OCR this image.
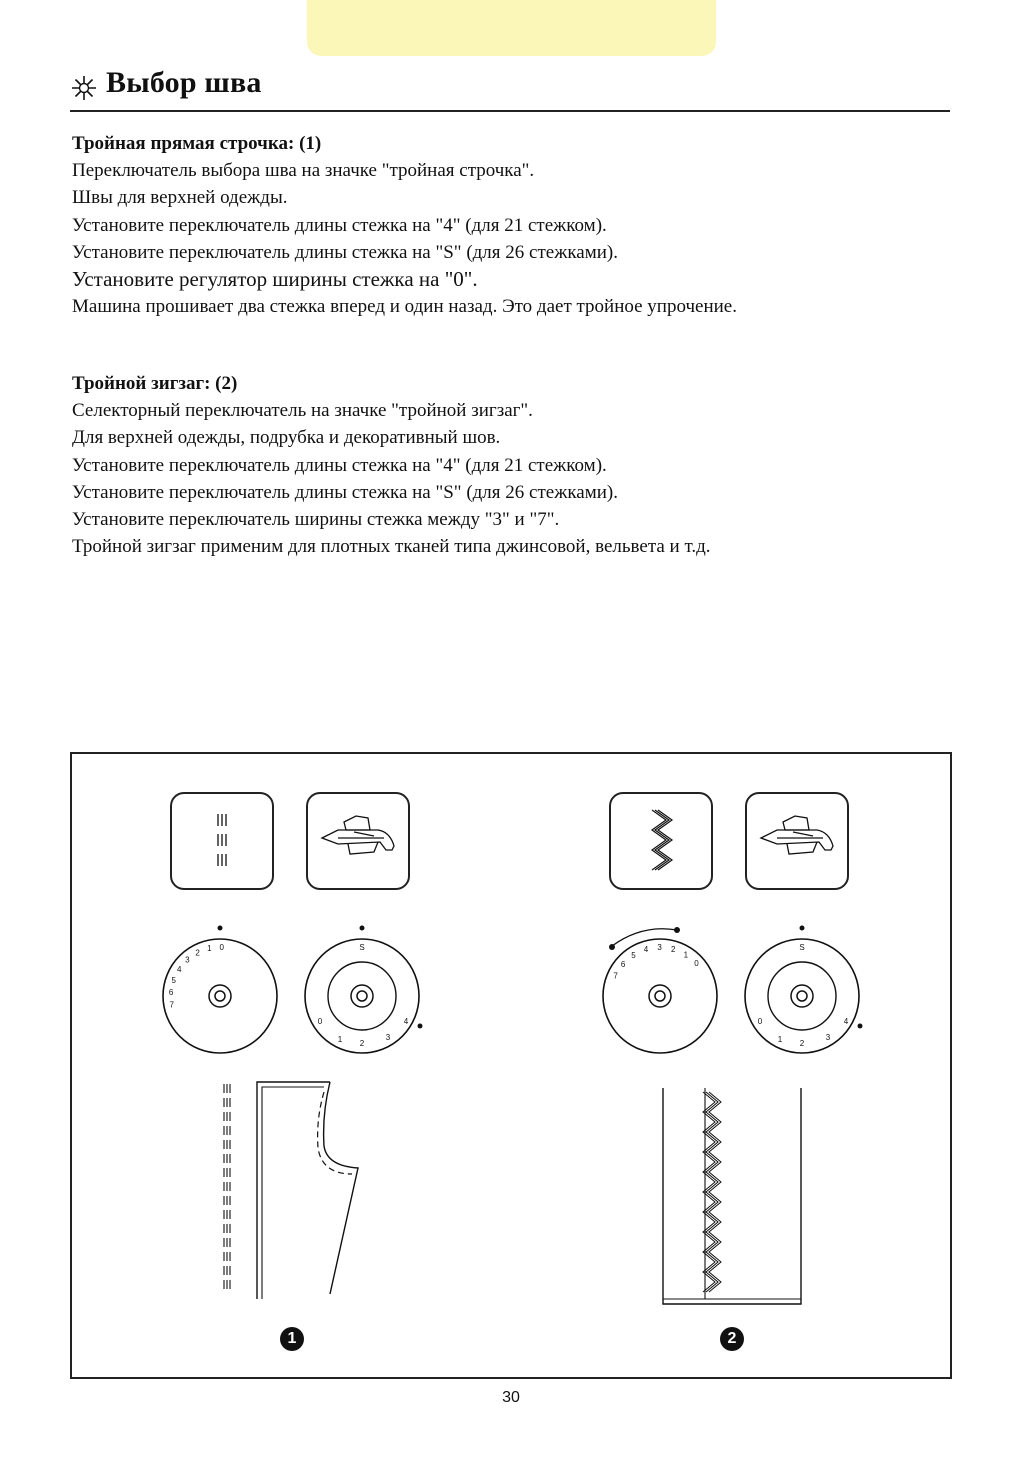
Выбор шва
Тройная прямая строчка: (1)
Переключатель выбора шва на значке "тройная строчка".
Швы для верхней одежды.
Установите переключатель длины стежка на "4" (для 21 стежком).
Установите переключатель длины стежка на "S" (для 26 стежками).
Установите регулятор ширины стежка на "0".
Машина прошивает два стежка вперед и один назад. Это дает тройное упрочение.
Тройной зигзаг: (2)
Селекторный переключатель на значке "тройной зигзаг".
Для верхней одежды, подрубка и декоративный шов.
Установите переключатель длины стежка на "4" (для 21 стежком).
Установите переключатель длины стежка на "S" (для 26 стежками).
Установите переключатель ширины стежка между "3" и "7".
Тройной зигзаг применим для плотных тканей типа джинсовой, вельвета и т.д.
7
6
5
4
3
2 1 0	S
4
3
2
1
0
7
6
5
4 3 2
1
0
S
4
3
2
1
0
1	2
30
